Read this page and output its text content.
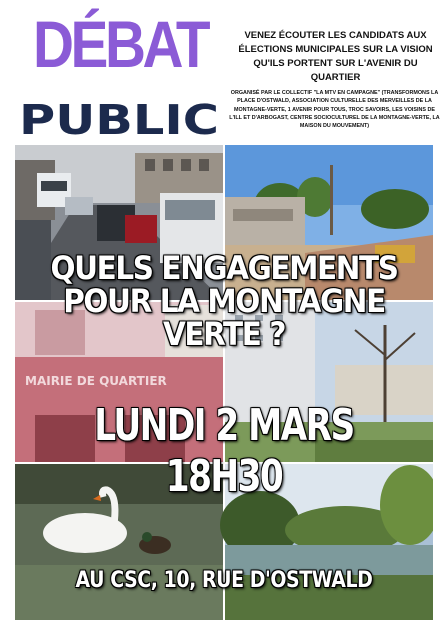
DÉBAT
PUBLIC
VENEZ ÉCOUTER LES CANDIDATS AUX ÉLECTIONS MUNICIPALES SUR LA VISION QU'ILS PORTENT SUR L'AVENIR DU QUARTIER
ORGANISÉ PAR LE COLLECTIF "LA MTV EN CAMPAGNE" (TRANSFORMONS LA PLACE D'OSTWALD, ASSOCIATION CULTURELLE DES MERVEILLES DE LA MONTAGNE-VERTE, 1 AVENIR POUR TOUS, TROC SAVOIRS, LES VOISINS DE L'ILL ET D'ARBOGAST, CENTRE SOCIOCULTUREL DE LA MONTAGNE-VERTE, LA MAISON DU MOUVEMENT)
MAIRIE DE QUARTIER
QUELS ENGAGEMENTS
POUR LA MONTAGNE
VERTE ?
LUNDI 2 MARS
18H30
AU CSC, 10, RUE D'OSTWALD
